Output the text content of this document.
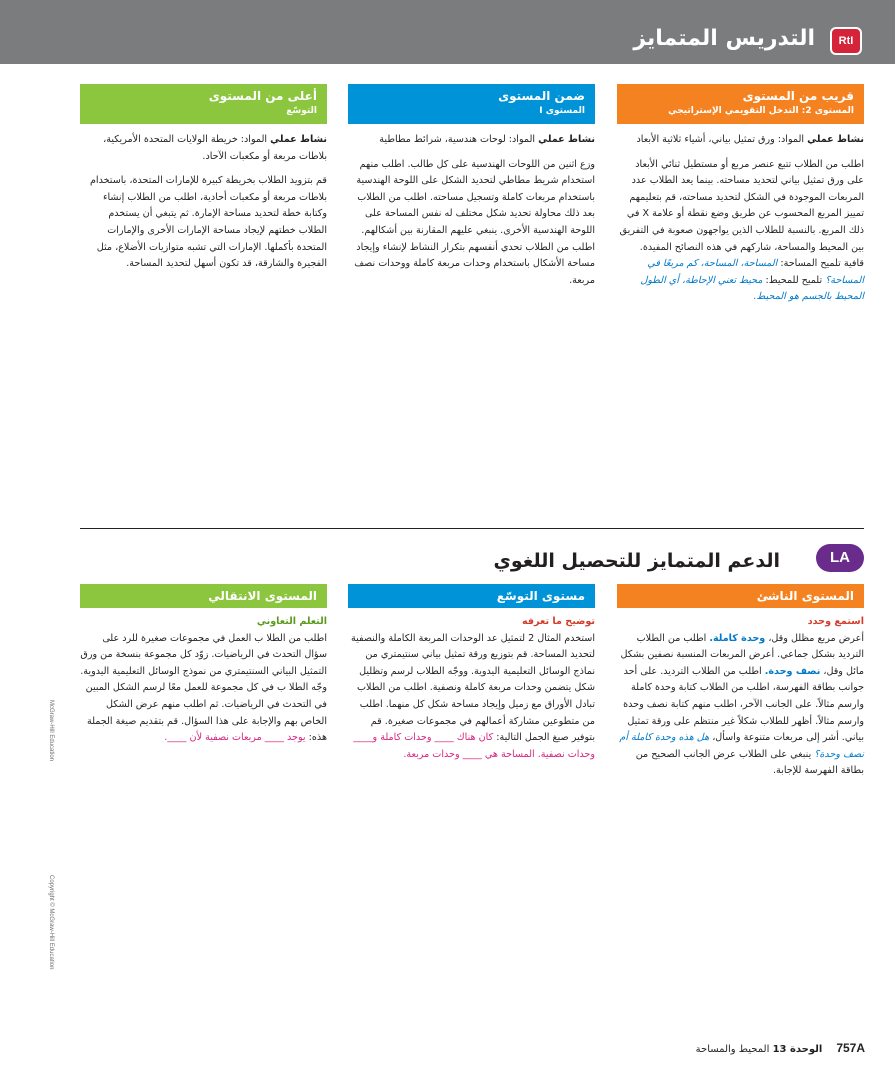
التدريس المتمايز	RtI
قريب من المستوى
المستوى 2: التدخل التقويمي الإستراتيجي

نشاط عملي المواد: ورق تمثيل بياني، أشياء ثلاثية الأبعاد

اطلب من الطلاب تتبع عنصر مربع أو مستطيل ثنائي الأبعاد على ورق تمثيل بياني لتحديد مساحته. بينما يعد الطلاب عدد المربعات الموجودة في الشكل لتحديد مساحته، قم بتعليمهم تمييز المربع المحسوب عن طريق وضع نقطة أو علامة X في ذلك المربع. بالنسبة للطلاب الذين يواجهون صعوبة في التفريق بين المحيط والمساحة، شاركهم في هذه النصائح المفيدة. قافية تلميح المساحة: المساحة، المساحة، كم مربعًا في المساحة؟ تلميح للمحيط: محيط تعني الإحاطة، أي الطول المحيط بالجسم هو المحيط.

ضمن المستوى
المستوى I

نشاط عملي المواد: لوحات هندسية، شرائط مطاطية

وزع اثنين من اللوحات الهندسية على كل طالب. اطلب منهم استخدام شريط مطاطي لتحديد الشكل على اللوحة الهندسية باستخدام مربعات كاملة وتسجيل مساحته. اطلب من الطلاب بعد ذلك محاولة تحديد شكل مختلف له نفس المساحة على اللوحة الهندسية الأخرى. ينبغي عليهم المقارنة بين أشكالهم. اطلب من الطلاب تحدي أنفسهم بتكرار النشاط لإنشاء وإيجاد مساحة الأشكال باستخدام وحدات مربعة كاملة ووحدات نصف مربعة.

أعلى من المستوى
التوسّع

نشاط عملي المواد: خريطة الولايات المتحدة الأمريكية، بلاطات مربعة أو مكعبات الآحاد.

قم بتزويد الطلاب بخريطة كبيرة للإمارات المتحدة، باستخدام بلاطات مربعة أو مكعبات أحادية، اطلب من الطلاب إنشاء وكتابة خطة لتحديد مساحة الإمارة. ثم يتبغي أن يستخدم الطلاب خطتهم لإيجاد مساحة الإمارات الأخرى والإمارات المتحدة بأكملها. الإمارات التي تشبه متوازيات الأضلاع، مثل الفجيرة والشارقة، قد تكون أسهل لتحديد المساحة.

الدعم المتمايز للتحصيل اللغوي	LA
المستوى الناشئ
استمع وحدد

أعرض مربع مظلل وقل، وحدة كاملة. اطلب من الطلاب الترديد بشكل جماعي. أعرض المربعات المنسبة نصفين بشكل مائل وقل، نصف وحدة. اطلب من الطلاب الترديد. على أحد جوانب بطاقة الفهرسة، اطلب من الطلاب كتابة وحدة كاملة وارسم مثالاً. على الجانب الآخر، اطلب منهم كتابة نصف وحدة وارسم مثالاً. أظهر للطلاب شكلاً غير منتظم على ورقة تمثيل بياني. أشر إلى مربعات متنوعة واسأل، هل هذه وحدة كاملة أم نصف وحدة؟ ينبغي على الطلاب عرض الجانب الصحيح من بطاقة الفهرسة للإجابة.

مستوى التوسّع
توضيح ما تعرفه

استخدم المثال 2 لتمثيل عد الوحدات المربعة الكاملة والنصفية لتحديد المساحة. قم بتوزيع ورقة تمثيل بياني سنتيمتري من نماذج الوسائل التعليمية اليدوية. ووجّه الطلاب لرسم وتظليل شكل يتضمن وحدات مربعة كاملة ونصفية. اطلب من الطلاب تبادل الأوراق مع زميل وإيجاد مساحة شكل كل منهما. اطلب من متطوعين مشاركة أعمالهم في مجموعات صغيرة. قم بتوفير صيغ الجمل التالية: كان هناك ____ وحدات كاملة و____ وحدات نصفية. المساحة هي ____ وحدات مربعة.

المستوى الانتقالي
التعلم التعاوني

اطلب من الطلا ب العمل في مجموعات صغيرة للرد على سؤال التحدث في الرياضيات. زوّد كل مجموعة بنسخة من ورق التمثيل البياني السنتيمتري من نموذج الوسائل التعليمية اليدوية. وجّه الطلا ب في كل مجموعة للعمل معًا لرسم الشكل المبين في التحدث في الرياضيات. ثم اطلب منهم عرض الشكل الخاص بهم والإجابة على هذا السؤال. قم بتقديم صيغة الجملة هذه: يوجد ____ مربعات نصفية لأن ____.

Copyright © McGraw-Hill Education
McGraw-Hill Education
757A
الوحدة 13 المحيط والمساحة
